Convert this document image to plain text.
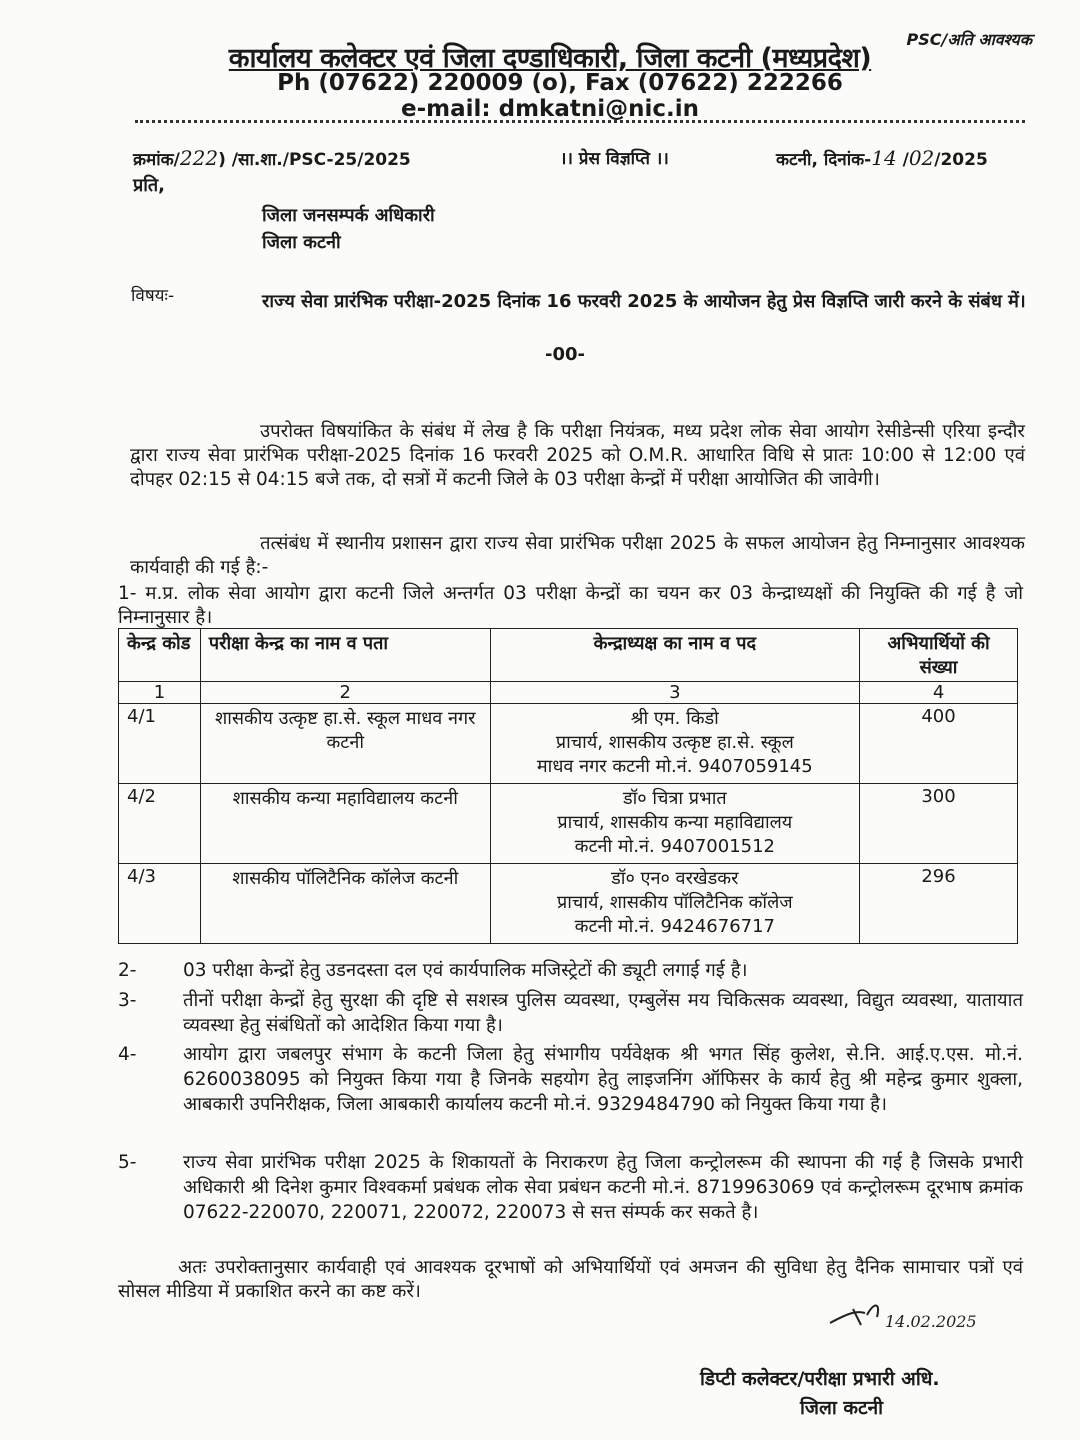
PSC/अति आवश्यक
कार्यालय कलेक्टर एवं जिला दण्डाधिकारी, जिला कटनी (मध्यप्रदेश)
Ph (07622) 220009 (o), Fax (07622) 222266
e-mail: dmkatni@nic.in
क्रमांक/222) /सा.शा./PSC-25/2025	।। प्रेस विज्ञप्ति ।।	कटनी, दिनांक-14 /02/2025
प्रति,
जिला जनसम्पर्क अधिकारी
जिला कटनी
विषयः-	राज्य सेवा प्रारंभिक परीक्षा-2025 दिनांक 16 फरवरी 2025 के आयोजन हेतु प्रेस विज्ञप्ति जारी करने के संबंध में।
-00-
उपरोक्त विषयांकित के संबंध में लेख है कि परीक्षा नियंत्रक, मध्य प्रदेश लोक सेवा आयोग रेसीडेन्सी एरिया इन्दौर द्वारा राज्य सेवा प्रारंभिक परीक्षा-2025 दिनांक 16 फरवरी 2025 को O.M.R. आधारित विधि से प्रातः 10:00 से 12:00 एवं दोपहर 02:15 से 04:15 बजे तक, दो सत्रों में कटनी जिले के 03 परीक्षा केन्द्रों में परीक्षा आयोजित की जावेगी।
तत्संबंध में स्थानीय प्रशासन द्वारा राज्य सेवा प्रारंभिक परीक्षा 2025 के सफल आयोजन हेतु निम्नानुसार आवश्यक कार्यवाही की गई है:-
1- म.प्र. लोक सेवा आयोग द्वारा कटनी जिले अन्तर्गत 03 परीक्षा केन्द्रों का चयन कर 03 केन्द्राध्यक्षों की नियुक्ति की गई है जो निम्नानुसार है।
केन्द्र कोड	परीक्षा केन्द्र का नाम व पता	केन्द्राध्यक्ष का नाम व पद	अभियार्थियों की संख्या
1	2	3	4
4/1	शासकीय उत्कृष्ट हा.से. स्कूल माधव नगर कटनी	श्री एम. किडो
प्राचार्य, शासकीय उत्कृष्ट हा.से. स्कूल
माधव नगर कटनी मो.नं. 9407059145	400
4/2	शासकीय कन्या महाविद्यालय कटनी	डॉ० चित्रा प्रभात
प्राचार्य, शासकीय कन्या महाविद्यालय
कटनी मो.नं. 9407001512	300
4/3	शासकीय पॉलिटैनिक कॉलेज कटनी	डॉ० एन० वरखेडकर
प्राचार्य, शासकीय पॉलिटैनिक कॉलेज
कटनी मो.नं. 9424676717	296
2-	03 परीक्षा केन्द्रों हेतु उडनदस्ता दल एवं कार्यपालिक मजिस्ट्रेटों की ड्यूटी लगाई गई है।
3-	तीनों परीक्षा केन्द्रों हेतु सुरक्षा की दृष्टि से सशस्त्र पुलिस व्यवस्था, एम्बुलेंस मय चिकित्सक व्यवस्था, विद्युत व्यवस्था, यातायात व्यवस्था हेतु संबंधितों को आदेशित किया गया है।
4-	आयोग द्वारा जबलपुर संभाग के कटनी जिला हेतु संभागीय पर्यवेक्षक श्री भगत सिंह कुलेश, से.नि. आई.ए.एस. मो.नं. 6260038095 को नियुक्त किया गया है जिनके सहयोग हेतु लाइजनिंग ऑफिसर के कार्य हेतु श्री महेन्द्र कुमार शुक्ला, आबकारी उपनिरीक्षक, जिला आबकारी कार्यालय कटनी मो.नं. 9329484790 को नियुक्त किया गया है।
5-	राज्य सेवा प्रारंभिक परीक्षा 2025 के शिकायतों के निराकरण हेतु जिला कन्ट्रोलरूम की स्थापना की गई है जिसके प्रभारी अधिकारी श्री दिनेश कुमार विश्वकर्मा प्रबंधक लोक सेवा प्रबंधन कटनी मो.नं. 8719963069 एवं कन्ट्रोलरूम दूरभाष क्रमांक 07622-220070, 220071, 220072, 220073 से सत्त संम्पर्क कर सकते है।
अतः उपरोक्तानुसार कार्यवाही एवं आवश्यक दूरभाषों को अभियार्थियों एवं अमजन की सुविधा हेतु दैनिक सामाचार पत्रों एवं सोसल मीडिया में प्रकाशित करने का कष्ट करें।
14.02.2025
डिप्टी कलेक्टर/परीक्षा प्रभारी अधि.
जिला कटनी
